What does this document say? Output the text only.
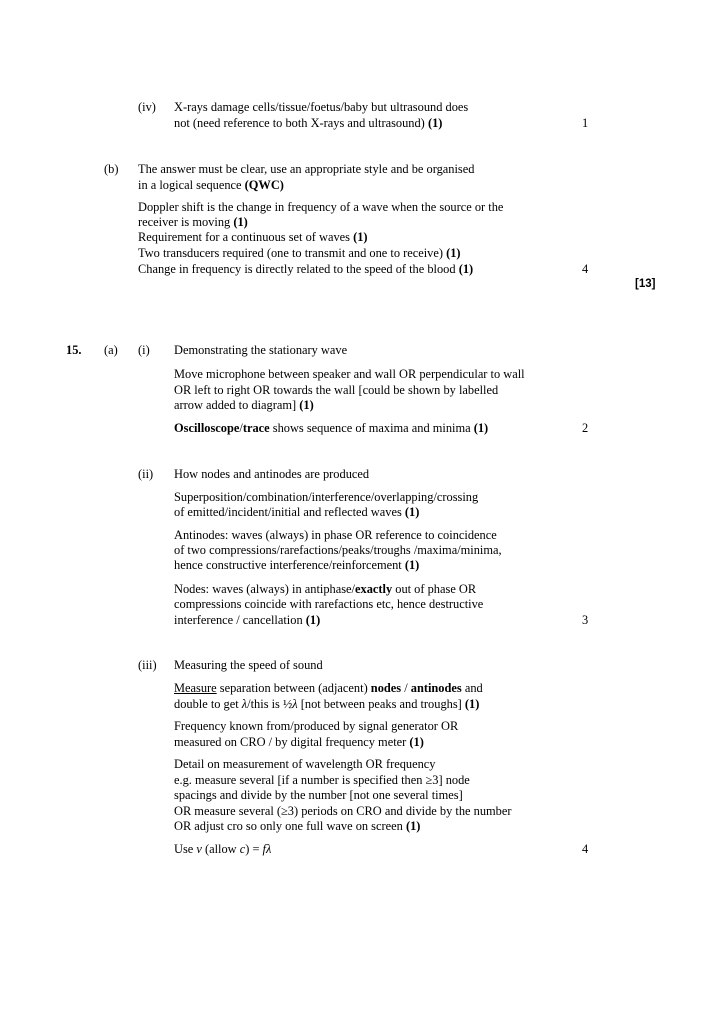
(iv) X-rays damage cells/tissue/foetus/baby but ultrasound does
not (need reference to both X-rays and ultrasound) (1)	1
(b) The answer must be clear, use an appropriate style and be organised
in a logical sequence (QWC)
Doppler shift is the change in frequency of a wave when the source or the
receiver is moving (1)
Requirement for a continuous set of waves (1)
Two transducers required (one to transmit and one to receive) (1)
Change in frequency is directly related to the speed of the blood (1)	4
[13]
15. (a) (i) Demonstrating the stationary wave
Move microphone between speaker and wall OR perpendicular to wall
OR left to right OR towards the wall [could be shown by labelled
arrow added to diagram] (1)
Oscilloscope/trace shows sequence of maxima and minima (1)	2
(ii) How nodes and antinodes are produced
Superposition/combination/interference/overlapping/crossing
of emitted/incident/initial and reflected waves (1)
Antinodes: waves (always) in phase OR reference to coincidence
of two compressions/rarefactions/peaks/troughs /maxima/minima,
hence constructive interference/reinforcement (1)
Nodes: waves (always) in antiphase/exactly out of phase OR
compressions coincide with rarefactions etc, hence destructive
interference / cancellation (1)	3
(iii) Measuring the speed of sound
Measure separation between (adjacent) nodes / antinodes and
double to get λ/this is ½λ [not between peaks and troughs] (1)
Frequency known from/produced by signal generator OR
measured on CRO / by digital frequency meter (1)
Detail on measurement of wavelength OR frequency
e.g. measure several [if a number is specified then ≥3] node
spacings and divide by the number [not one several times]
OR measure several (≥3) periods on CRO and divide by the number
OR adjust cro so only one full wave on screen (1)
Use v (allow c) = fλ	4
